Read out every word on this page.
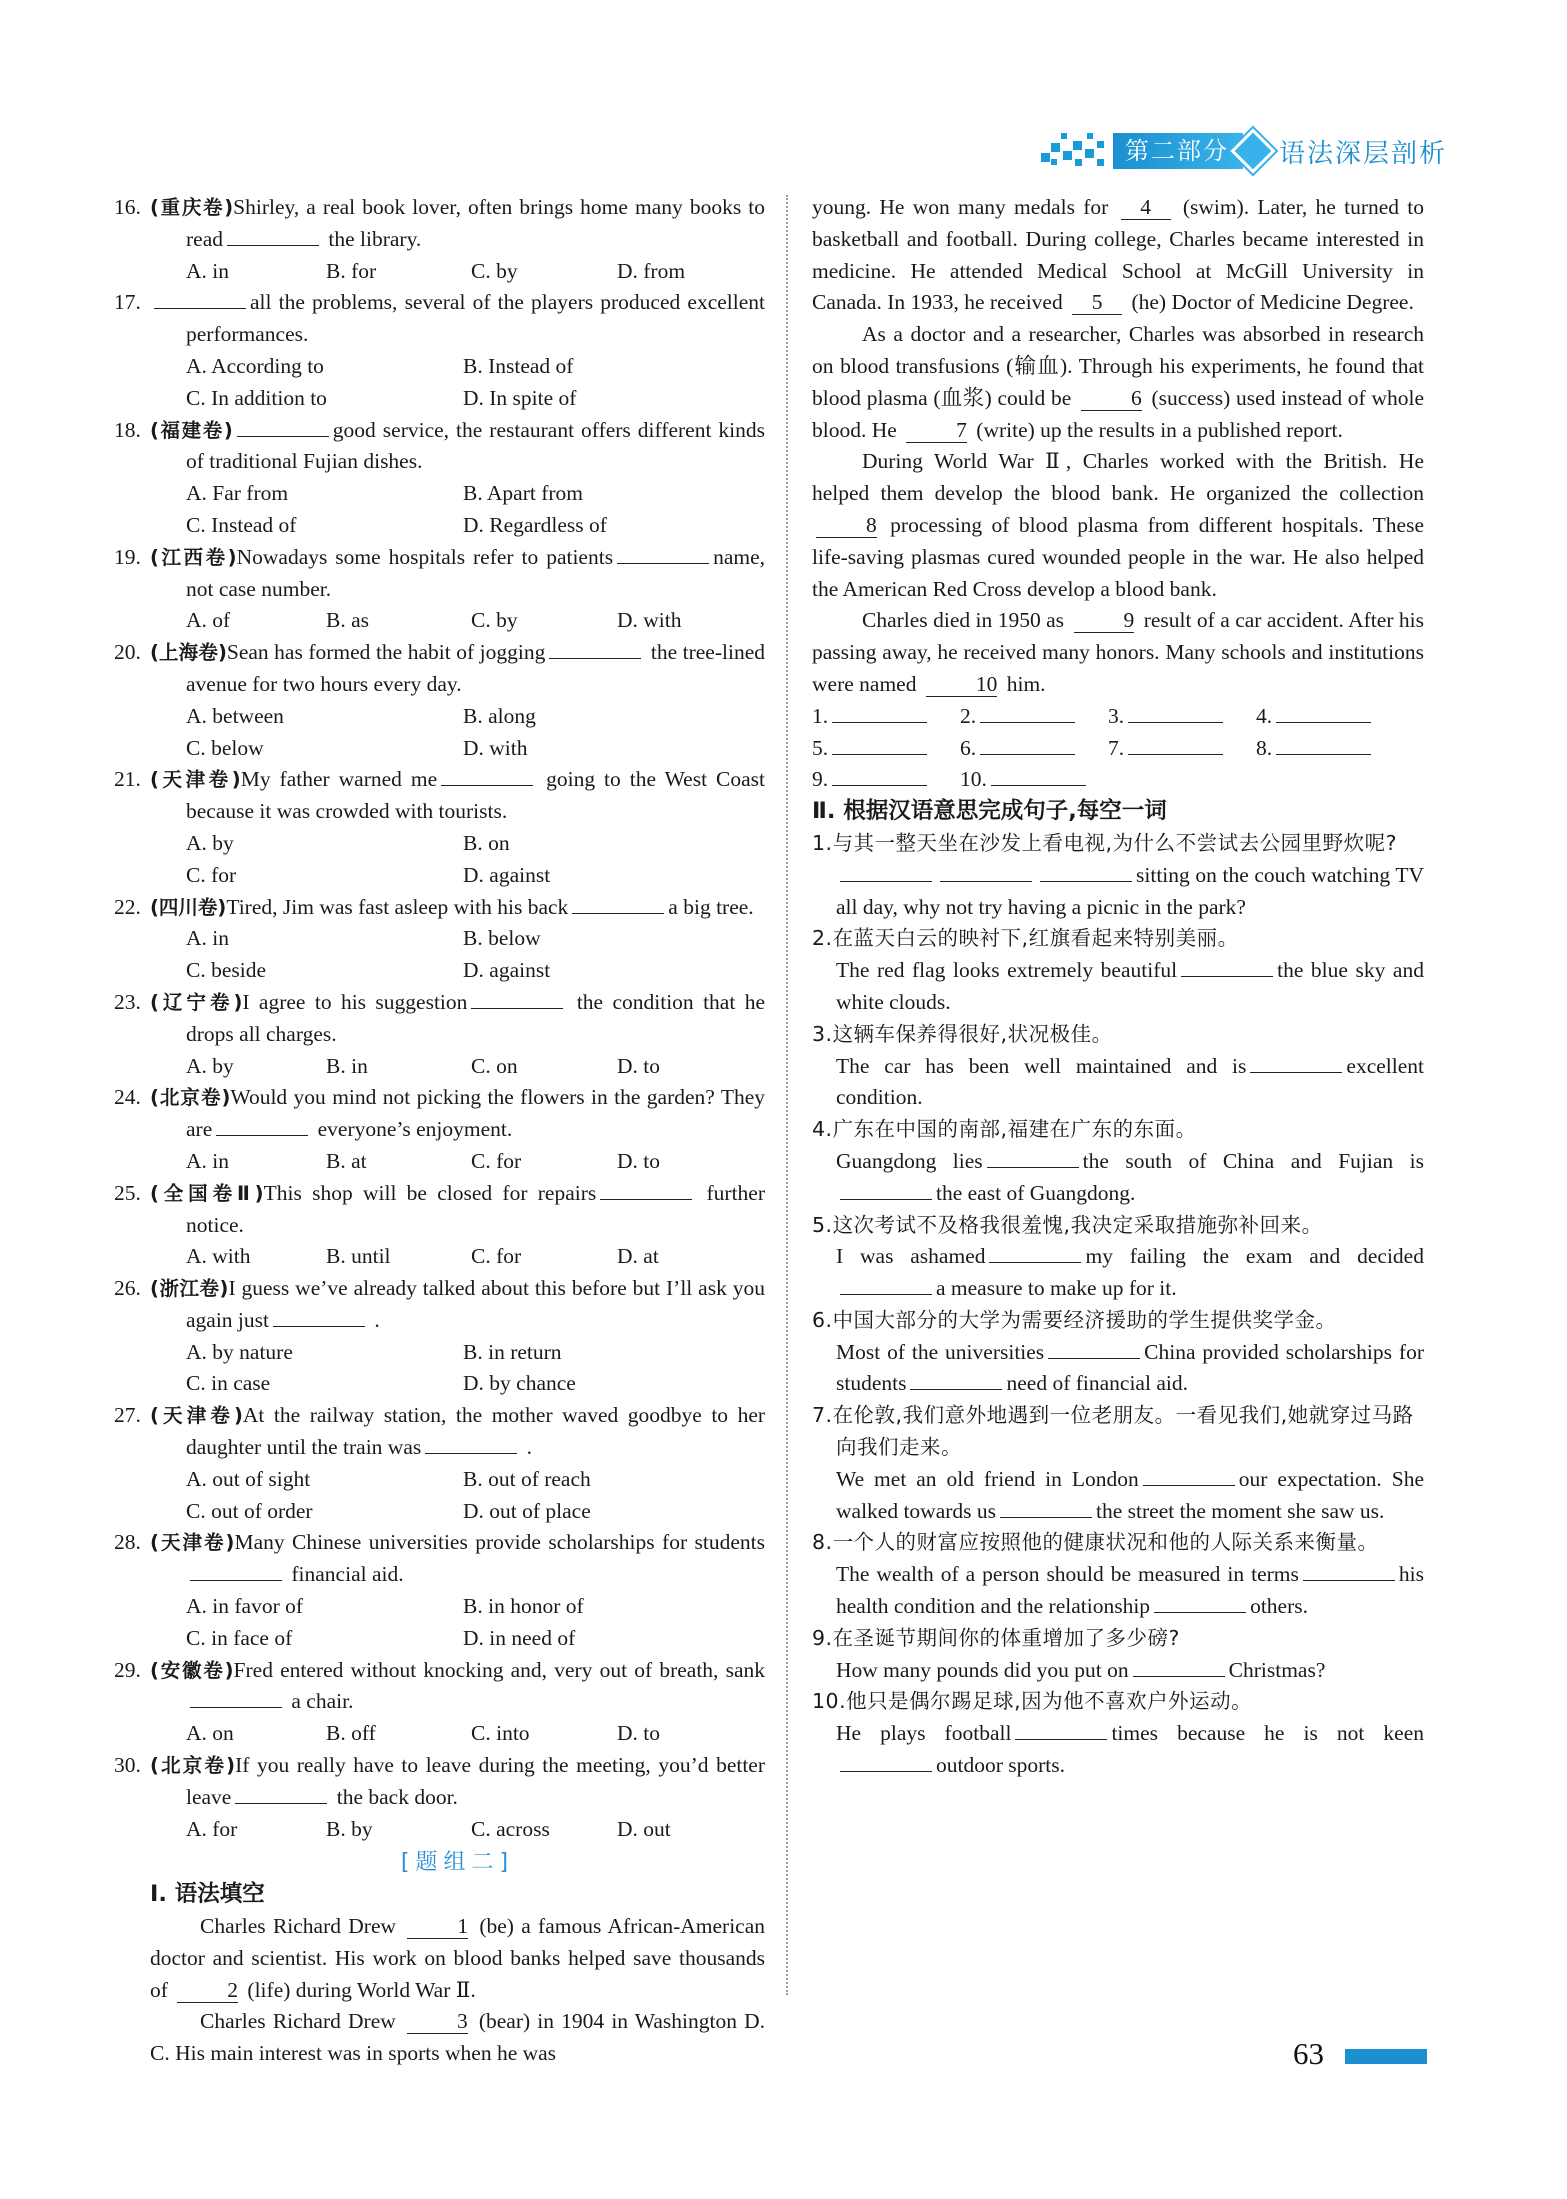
第二部分	语法深层剖析

16. (重庆卷)Shirley, a real book lover, often brings home many books to read	the library.

A. in	B. for	C. by	D. from

17.	all the problems, several of the players produced excellent performances.

A. According to	B. Instead of
C. In addition to	D. In spite of

18. (福建卷)	good service, the restaurant offers different kinds of traditional Fujian dishes.

A. Far from	B. Apart from
C. Instead of	D. Regardless of

19. (江西卷)Nowadays some hospitals refer to patients	name, not case number.

A. of	B. as	C. by	D. with

20. (上海卷)Sean has formed the habit of jogging	the tree-lined avenue for two hours every day.

A. between	B. along
C. below	D. with

21. (天津卷)My father warned me	going to the West Coast because it was crowded with tourists.

A. by	B. on
C. for	D. against

22. (四川卷)Tired, Jim was fast asleep with his back	a big tree.

A. in	B. below
C. beside	D. against

23. (辽宁卷)I agree to his suggestion	the condition that he drops all charges.

A. by	B. in	C. on	D. to

24. (北京卷)Would you mind not picking the flowers in the garden? They are	everyone’s enjoyment.

A. in	B. at	C. for	D. to

25. (全国卷Ⅱ)This shop will be closed for repairs	further notice.

A. with	B. until	C. for	D. at

26. (浙江卷)I guess we’ve already talked about this before but I’ll ask you again just	.

A. by nature	B. in return
C. in case	D. by chance

27. (天津卷)At the railway station, the mother waved goodbye to her daughter until the train was	.

A. out of sight	B. out of reach
C. out of order	D. out of place

28. (天津卷)Many Chinese universities provide scholarships for students financial aid.

A. in favor of	B. in honor of
C. in face of	D. in need of

29. (安徽卷)Fred entered without knocking and, very out of breath, sank a chair.

A. on	B. off	C. into	D. to

30. (北京卷)If you really have to leave during the meeting, you’d better leave	the back door.

A. for	B. by	C. across	D. out
[题组二]

Ⅰ. 语法填空

Charles Richard Drew	1 (be) a famous African-American doctor and scientist. His work on blood banks helped save thousands of	2 (life) during World War Ⅱ.

Charles Richard Drew	3 (bear) in 1904 in Washington D. C. His main interest was in sports when he was

young. He won many medals for 4 (swim). Later, he turned to basketball and football. During college, Charles became interested in medicine. He attended Medical School at McGill University in Canada. In 1933, he received 5 (he) Doctor of Medicine Degree.

As a doctor and a researcher, Charles was absorbed in research on blood transfusions (输血). Through his experiments, he found that blood plasma (血浆) could be	6 (success) used instead of whole blood. He	7 (write) up the results in a published report.

During World War Ⅱ, Charles worked with the British. He helped them develop the blood bank. He organized the collection 8 processing of blood plasma from different hospitals. These life-saving plasmas cured wounded people in the war. He also helped the American Red Cross develop a blood bank.

Charles died in 1950 as	9 result of a car accident. After his passing away, he received many honors. Many schools and institutions were named	10 him.

1.	2.	3.	4.
5.	6.	7.	8.
9.	10.

Ⅱ. 根据汉语意思完成句子,每空一词

1.与其一整天坐在沙发上看电视,为什么不尝试去公园里野炊呢?

sitting on the couch watching TV all day, why not try having a picnic in the park?

2.在蓝天白云的映衬下,红旗看起来特别美丽。

The red flag looks extremely beautiful	the blue sky and white clouds.

3.这辆车保养得很好,状况极佳。

The car has been well maintained and is	excellent condition.

4.广东在中国的南部,福建在广东的东面。

Guangdong lies	the south of China and Fujian isthe east of Guangdong.

5.这次考试不及格我很羞愧,我决定采取措施弥补回来。

I was ashamed	my failing the exam and decideda measure to make up for it.

6.中国大部分的大学为需要经济援助的学生提供奖学金。

Most of the universities	China provided scholarships for students	need of financial aid.

7.在伦敦,我们意外地遇到一位老朋友。一看见我们,她就穿过马路向我们走来。

We met an old friend in London	our expectation. She walked towards us	the street the moment she saw us.

8.一个人的财富应按照他的健康状况和他的人际关系来衡量。

The wealth of a person should be measured in terms	his health condition and the relationship	others.

9.在圣诞节期间你的体重增加了多少磅?

How many pounds did you put on	Christmas?

10.他只是偶尔踢足球,因为他不喜欢户外运动。

He plays football	times because he is not keenoutdoor sports.

63
